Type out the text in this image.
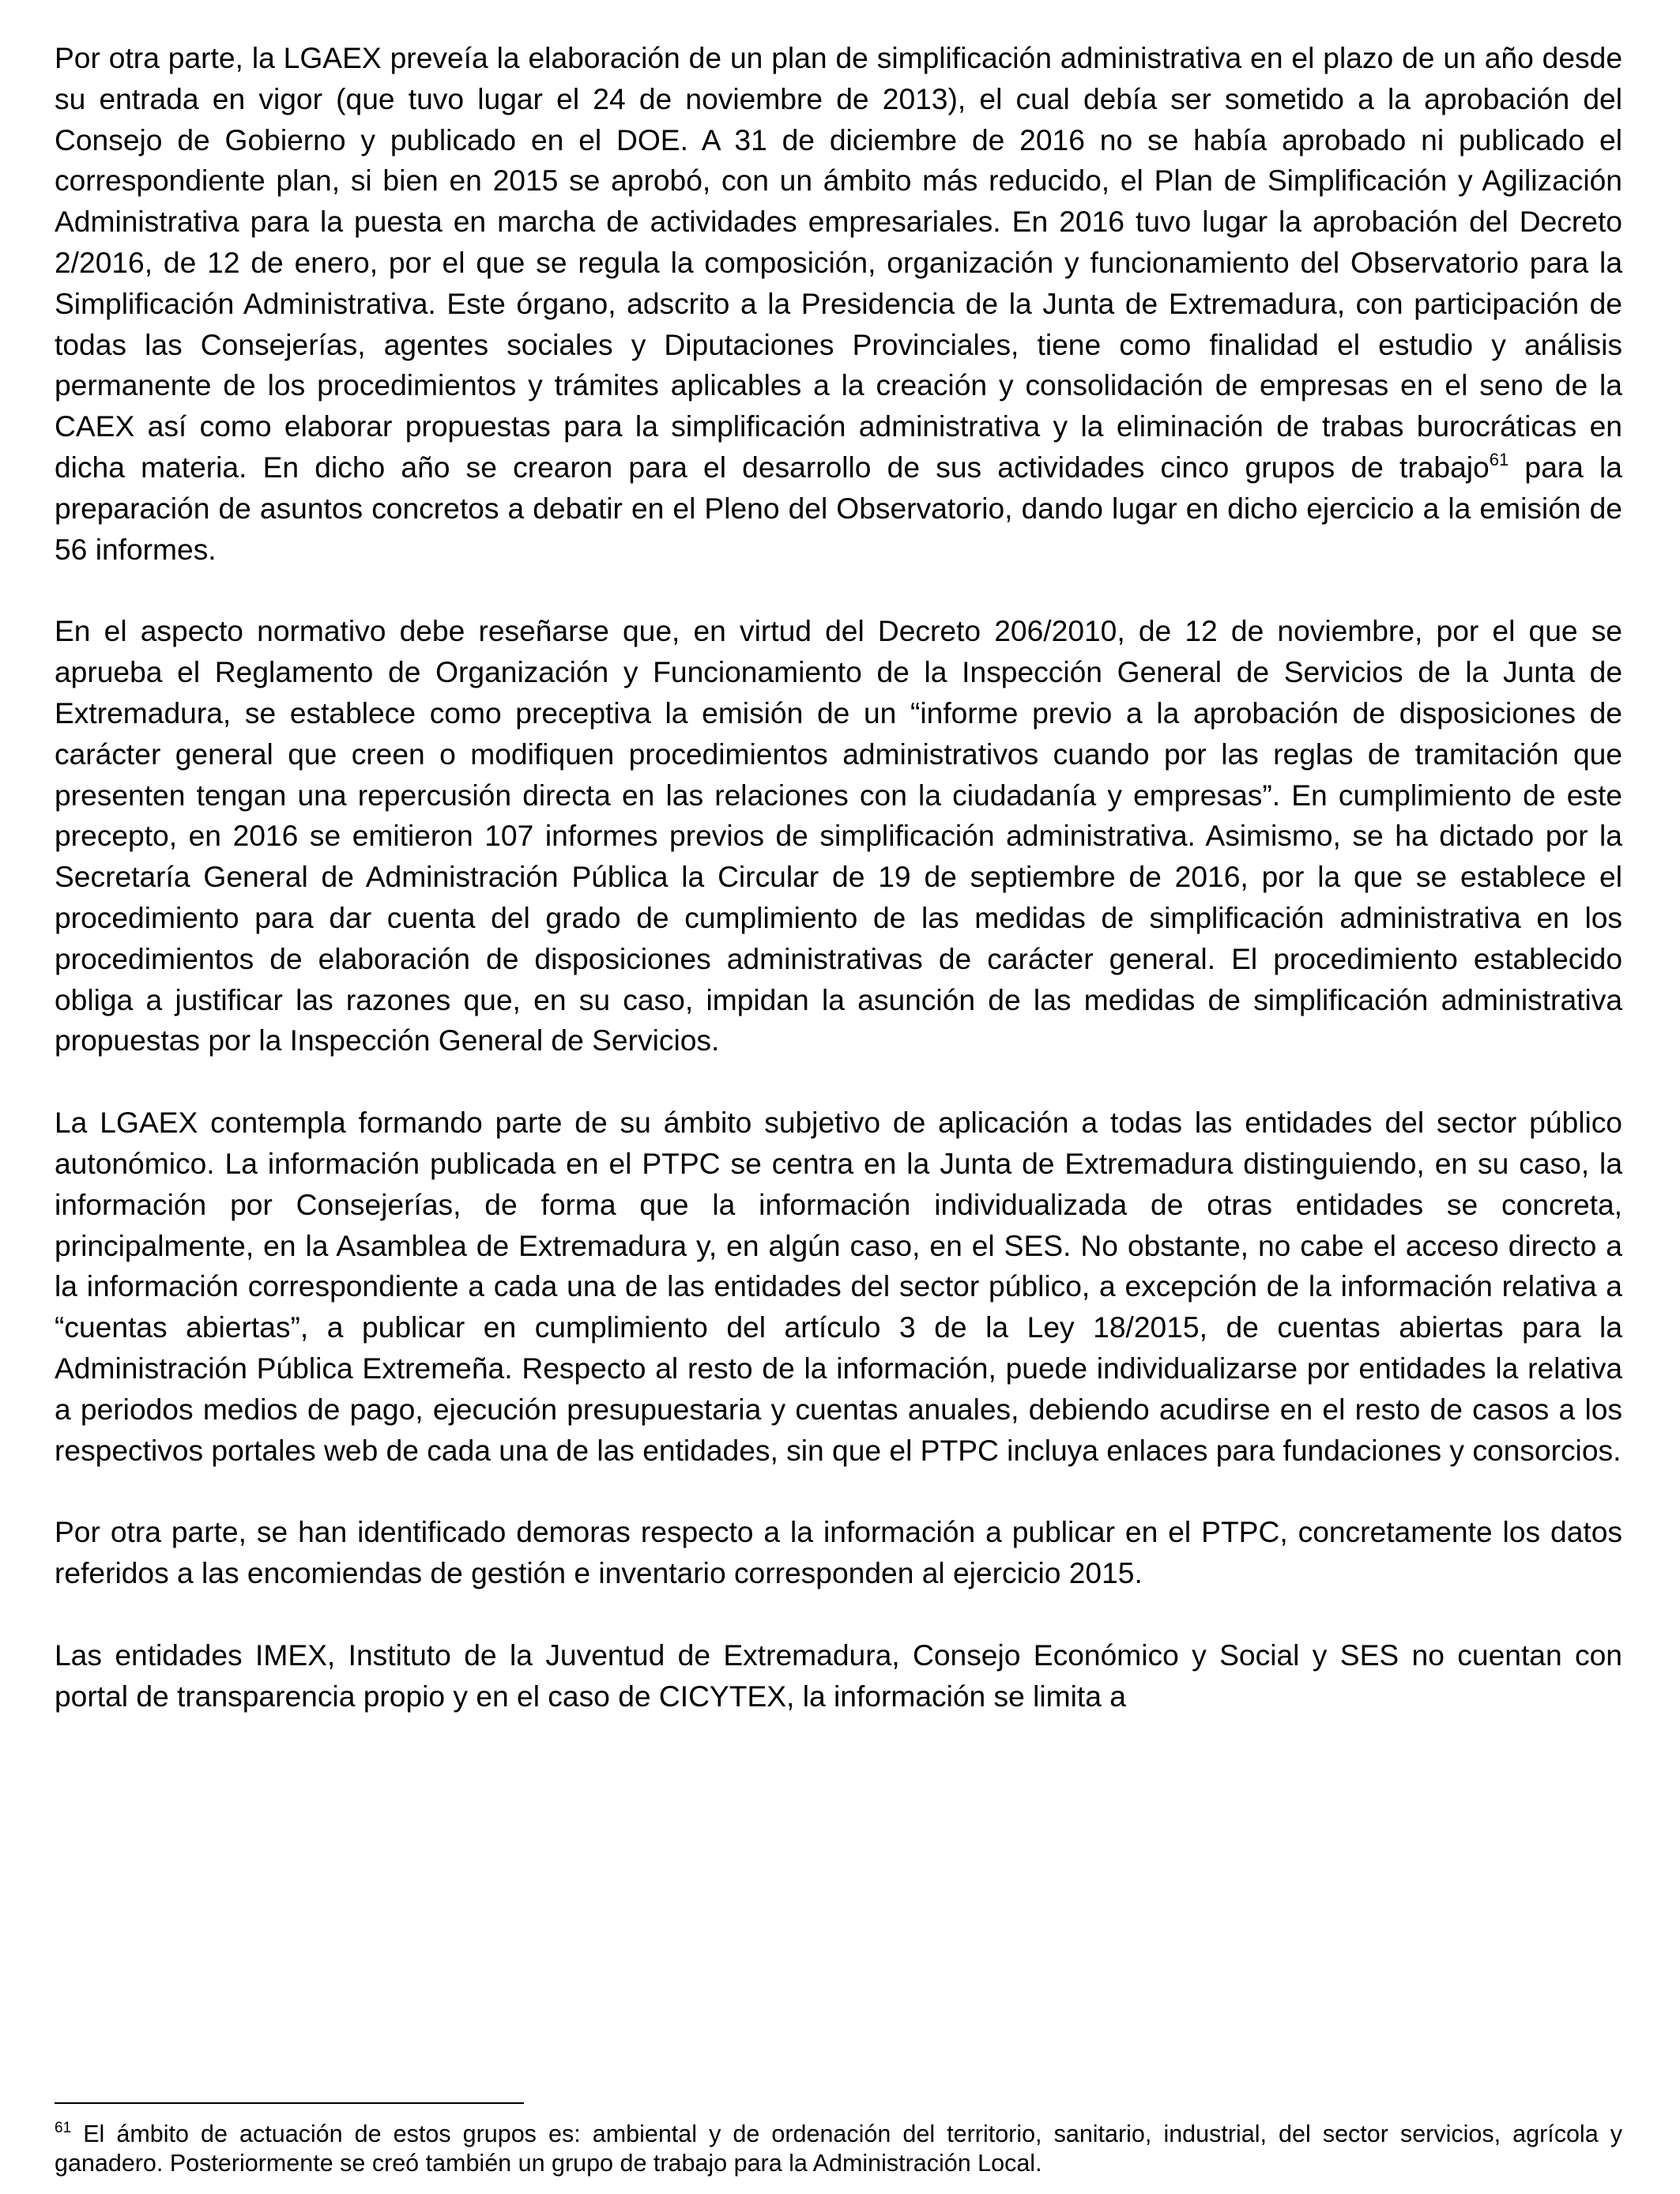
Por otra parte, la LGAEX preveía la elaboración de un plan de simplificación administrativa en el plazo de un año desde su entrada en vigor (que tuvo lugar el 24 de noviembre de 2013), el cual debía ser sometido a la aprobación del Consejo de Gobierno y publicado en el DOE. A 31 de diciembre de 2016 no se había aprobado ni publicado el correspondiente plan, si bien en 2015 se aprobó, con un ámbito más reducido, el Plan de Simplificación y Agilización Administrativa para la puesta en marcha de actividades empresariales. En 2016 tuvo lugar la aprobación del Decreto 2/2016, de 12 de enero, por el que se regula la composición, organización y funcionamiento del Observatorio para la Simplificación Administrativa. Este órgano, adscrito a la Presidencia de la Junta de Extremadura, con participación de todas las Consejerías, agentes sociales y Diputaciones Provinciales, tiene como finalidad el estudio y análisis permanente de los procedimientos y trámites aplicables a la creación y consolidación de empresas en el seno de la CAEX así como elaborar propuestas para la simplificación administrativa y la eliminación de trabas burocráticas en dicha materia. En dicho año se crearon para el desarrollo de sus actividades cinco grupos de trabajo$^{61}$ para la preparación de asuntos concretos a debatir en el Pleno del Observatorio, dando lugar en dicho ejercicio a la emisión de 56 informes.

En el aspecto normativo debe reseñarse que, en virtud del Decreto 206/2010, de 12 de noviembre, por el que se aprueba el Reglamento de Organización y Funcionamiento de la Inspección General de Servicios de la Junta de Extremadura, se establece como preceptiva la emisión de un “informe previo a la aprobación de disposiciones de carácter general que creen o modifiquen procedimientos administrativos cuando por las reglas de tramitación que presenten tengan una repercusión directa en las relaciones con la ciudadanía y empresas”. En cumplimiento de este precepto, en 2016 se emitieron 107 informes previos de simplificación administrativa. Asimismo, se ha dictado por la Secretaría General de Administración Pública la Circular de 19 de septiembre de 2016, por la que se establece el procedimiento para dar cuenta del grado de cumplimiento de las medidas de simplificación administrativa en los procedimientos de elaboración de disposiciones administrativas de carácter general. El procedimiento establecido obliga a justificar las razones que, en su caso, impidan la asunción de las medidas de simplificación administrativa propuestas por la Inspección General de Servicios.

La LGAEX contempla formando parte de su ámbito subjetivo de aplicación a todas las entidades del sector público autonómico. La información publicada en el PTPC se centra en la Junta de Extremadura distinguiendo, en su caso, la información por Consejerías, de forma que la información individualizada de otras entidades se concreta, principalmente, en la Asamblea de Extremadura y, en algún caso, en el SES. No obstante, no cabe el acceso directo a la información correspondiente a cada una de las entidades del sector público, a excepción de la información relativa a “cuentas abiertas”, a publicar en cumplimiento del artículo 3 de la Ley 18/2015, de cuentas abiertas para la Administración Pública Extremeña. Respecto al resto de la información, puede individualizarse por entidades la relativa a periodos medios de pago, ejecución presupuestaria y cuentas anuales, debiendo acudirse en el resto de casos a los respectivos portales web de cada una de las entidades, sin que el PTPC incluya enlaces para fundaciones y consorcios.

Por otra parte, se han identificado demoras respecto a la información a publicar en el PTPC, concretamente los datos referidos a las encomiendas de gestión e inventario corresponden al ejercicio 2015.

Las entidades IMEX, Instituto de la Juventud de Extremadura, Consejo Económico y Social y SES no cuentan con portal de transparencia propio y en el caso de CICYTEX, la información se limita a

$^{61}$ El ámbito de actuación de estos grupos es: ambiental y de ordenación del territorio, sanitario, industrial, del sector servicios, agrícola y ganadero. Posteriormente se creó también un grupo de trabajo para la Administración Local.
